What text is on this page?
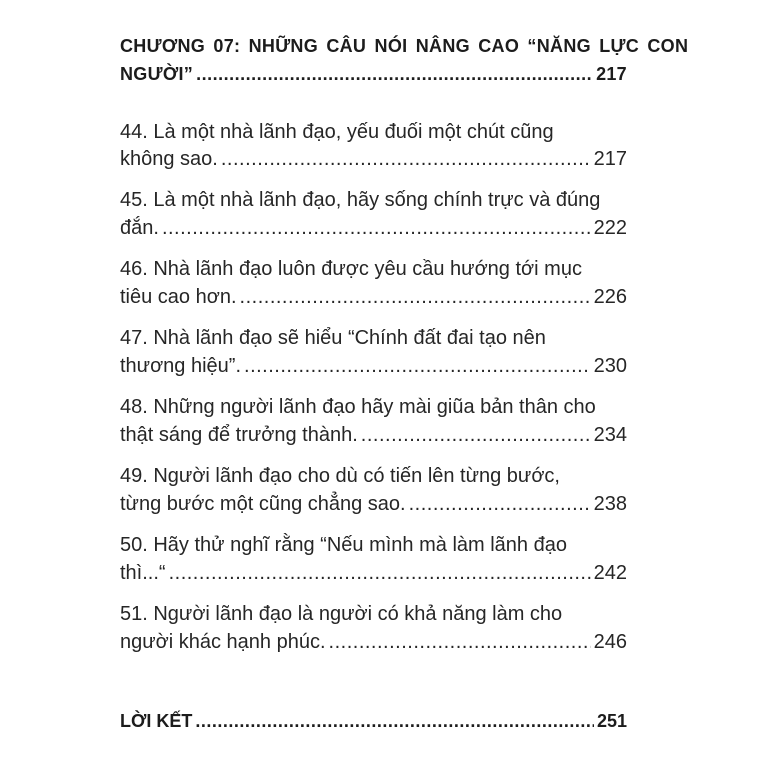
CHƯƠNG 07: NHỮNG CÂU NÓI NÂNG CAO “NĂNG LỰC CON
NGƯỜI” .....	217
44. Là một nhà lãnh đạo, yếu đuối một chút cũng
không sao. .....	217
45. Là một nhà lãnh đạo, hãy sống chính trực và đúng
đắn. .....	222
46. Nhà lãnh đạo luôn được yêu cầu hướng tới mục
tiêu cao hơn. .....	226
47. Nhà lãnh đạo sẽ hiểu “Chính đất đai tạo nên
thương hiệu”. .....	230
48. Những người lãnh đạo hãy mài giũa bản thân cho
thật sáng để trưởng thành. .....	234
49. Người lãnh đạo cho dù có tiến lên từng bước,
từng bước một cũng chẳng sao. .....	238
50. Hãy thử nghĩ rằng “Nếu mình mà làm lãnh đạo
thì...“ .....	242
51. Người lãnh đạo là người có khả năng làm cho
người khác hạnh phúc. .....	246
LỜI KẾT .....	251
